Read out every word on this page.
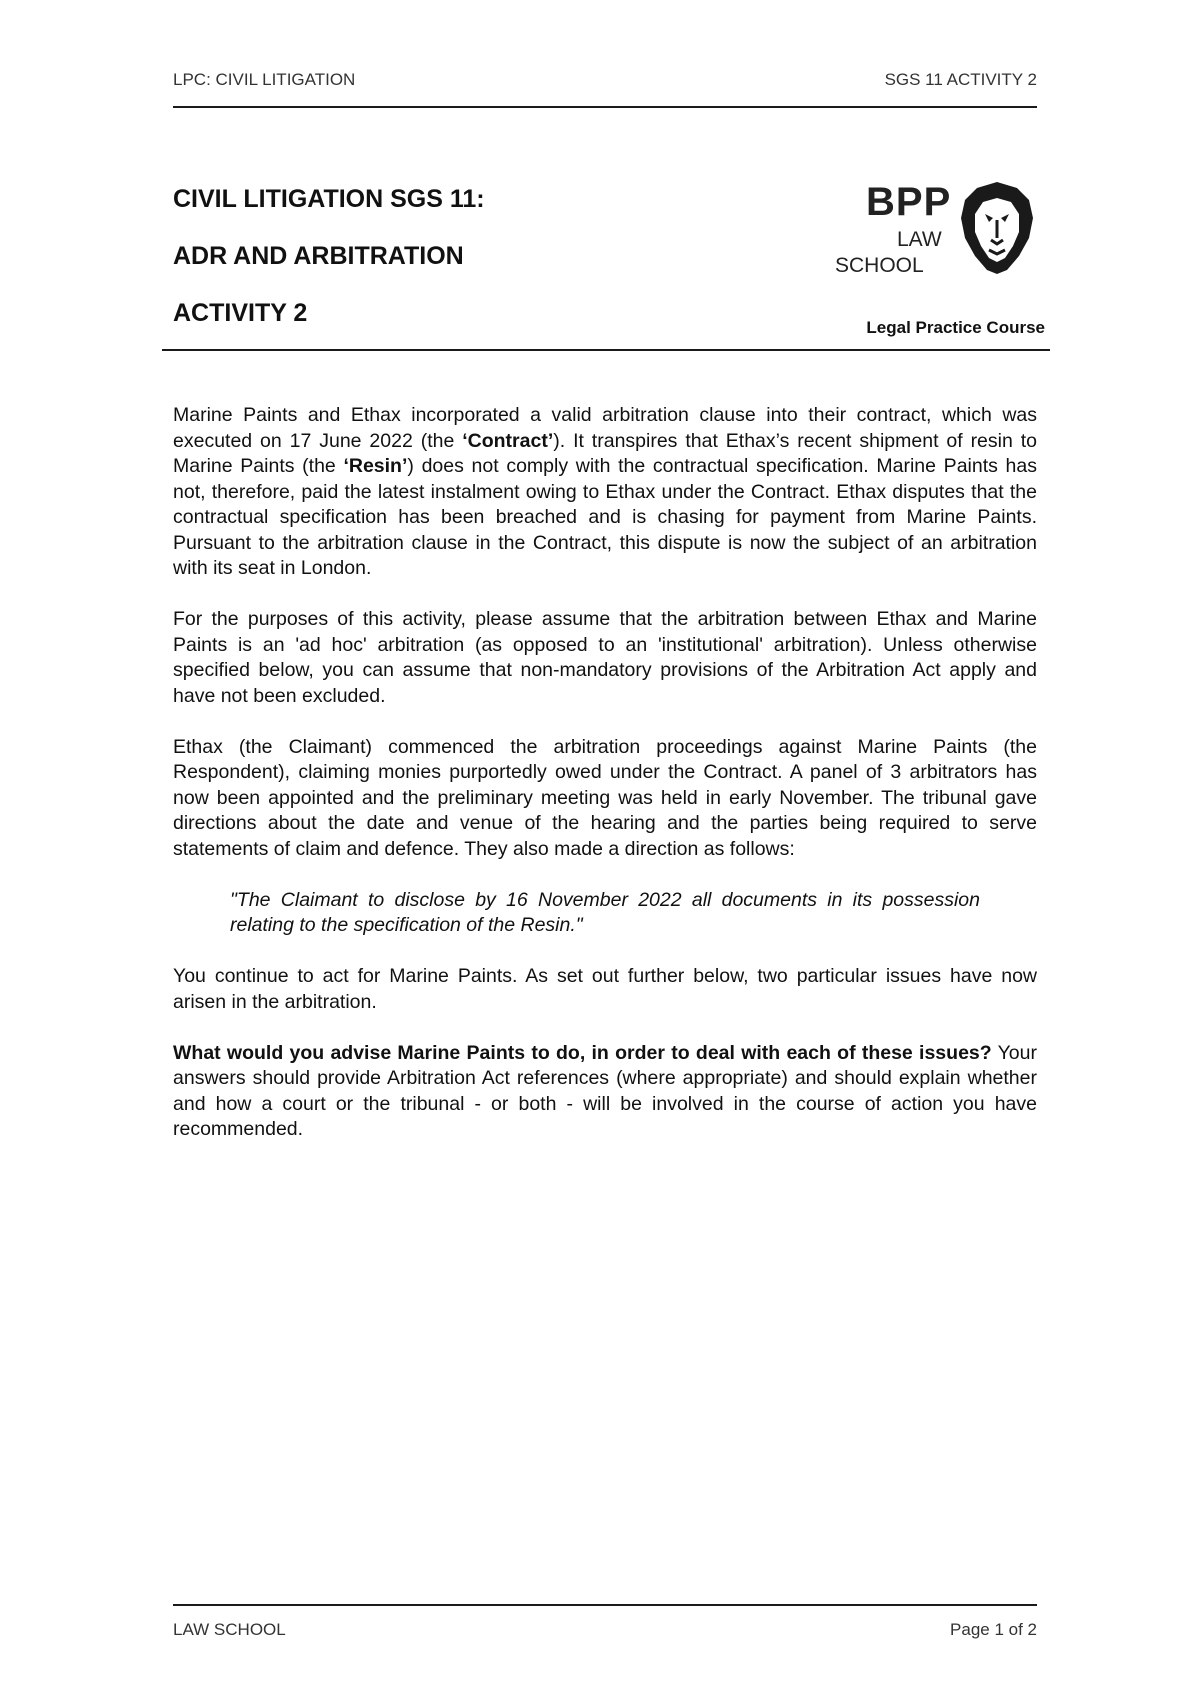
LPC: CIVIL LITIGATION	SGS 11 ACTIVITY 2
CIVIL LITIGATION SGS 11:
ADR AND ARBITRATION
ACTIVITY 2
BPP
LAW
SCHOOL
Legal Practice Course

Marine Paints and Ethax incorporated a valid arbitration clause into their contract, which was executed on 17 June 2022 (the ‘Contract’). It transpires that Ethax’s recent shipment of resin to Marine Paints (the ‘Resin’) does not comply with the contractual specification. Marine Paints has not, therefore, paid the latest instalment owing to Ethax under the Contract. Ethax disputes that the contractual specification has been breached and is chasing for payment from Marine Paints. Pursuant to the arbitration clause in the Contract, this dispute is now the subject of an arbitration with its seat in London.

For the purposes of this activity, please assume that the arbitration between Ethax and Marine Paints is an 'ad hoc' arbitration (as opposed to an 'institutional' arbitration). Unless otherwise specified below, you can assume that non-mandatory provisions of the Arbitration Act apply and have not been excluded.

Ethax (the Claimant) commenced the arbitration proceedings against Marine Paints (the Respondent), claiming monies purportedly owed under the Contract. A panel of 3 arbitrators has now been appointed and the preliminary meeting was held in early November. The tribunal gave directions about the date and venue of the hearing and the parties being required to serve statements of claim and defence. They also made a direction as follows:

"The Claimant to disclose by 16 November 2022 all documents in its possession relating to the specification of the Resin."

You continue to act for Marine Paints. As set out further below, two particular issues have now arisen in the arbitration.

What would you advise Marine Paints to do, in order to deal with each of these issues? Your answers should provide Arbitration Act references (where appropriate) and should explain whether and how a court or the tribunal - or both - will be involved in the course of action you have recommended.

LAW SCHOOL	Page 1 of 2
